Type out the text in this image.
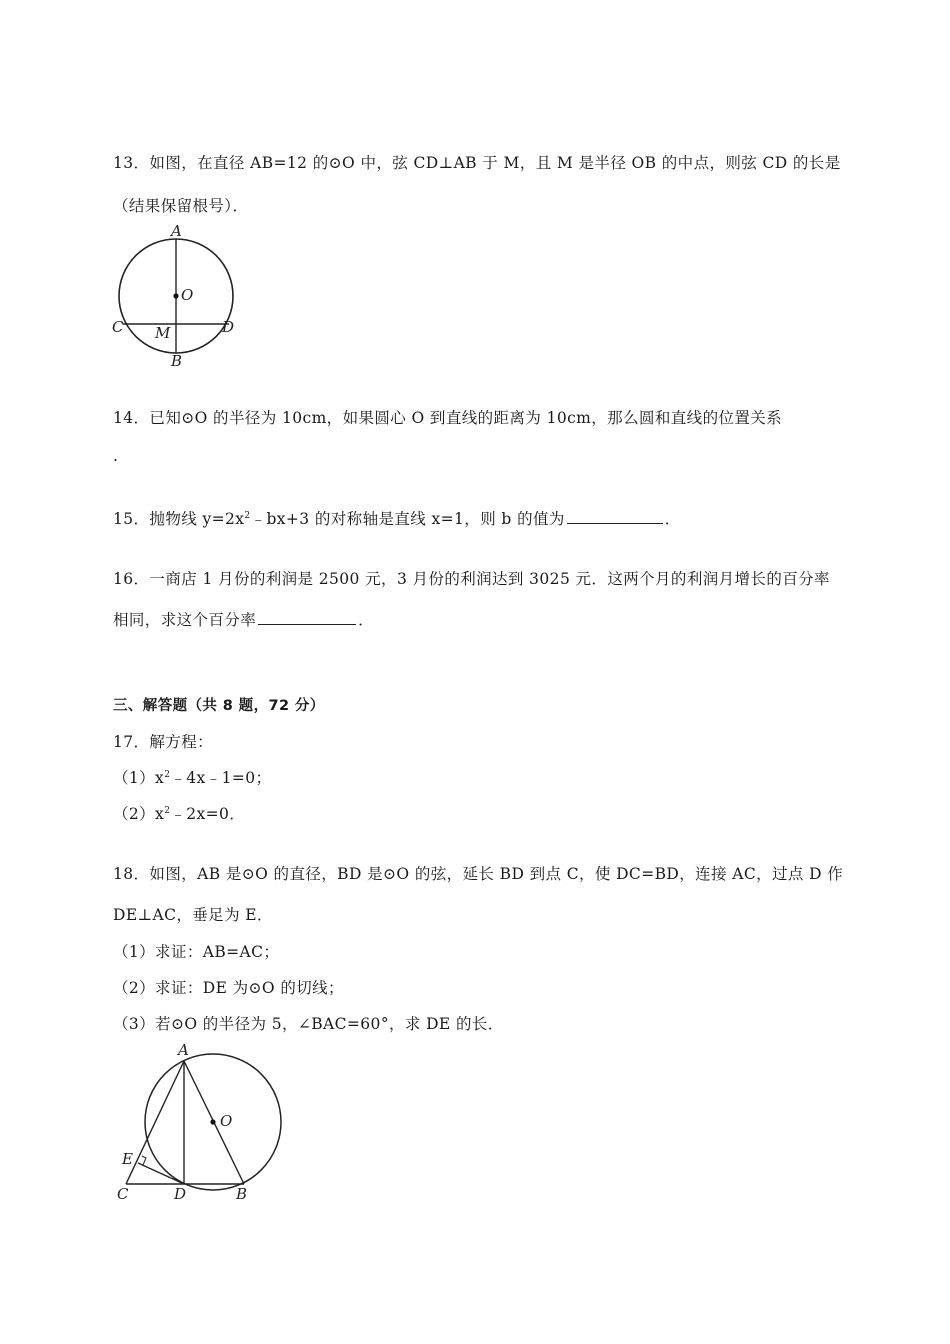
13．如图，在直径 AB=12 的⊙O 中，弦 CD⊥AB 于 M，且 M 是半径 OB 的中点，则弦 CD 的长是
（结果保留根号）．
A
O
C M	D
B
14．已知⊙O 的半径为 10cm，如果圆心 O 到直线的距离为 10cm，那么圆和直线的位置关系
.
15．抛物线 $y=2x^2﹣bx+3$ 的对称轴是直线 x=1，则 b 的值为	．
16．一商店 1 月份的利润是 2500 元，3 月份的利润达到 3025 元．这两个月的利润月增长的百分率
相同，求这个百分率	．
三、解答题（共 8 题，72 分）
17．解方程：
$(1)x^2﹣4x﹣1=0$；
$(2)x^2﹣2x=0$．
18．如图，AB 是⊙O 的直径，BD 是⊙O 的弦，延长 BD 到点 C，使 DC=BD，连接 AC，过点 D 作
DE⊥AC，垂足为 E．
（1）求证：AB=AC；
（2）求证：DE 为⊙O 的切线；
（3）若⊙O 的半径为 5，∠BAC=60°，求 DE 的长．
A
O
E
C	D	B
